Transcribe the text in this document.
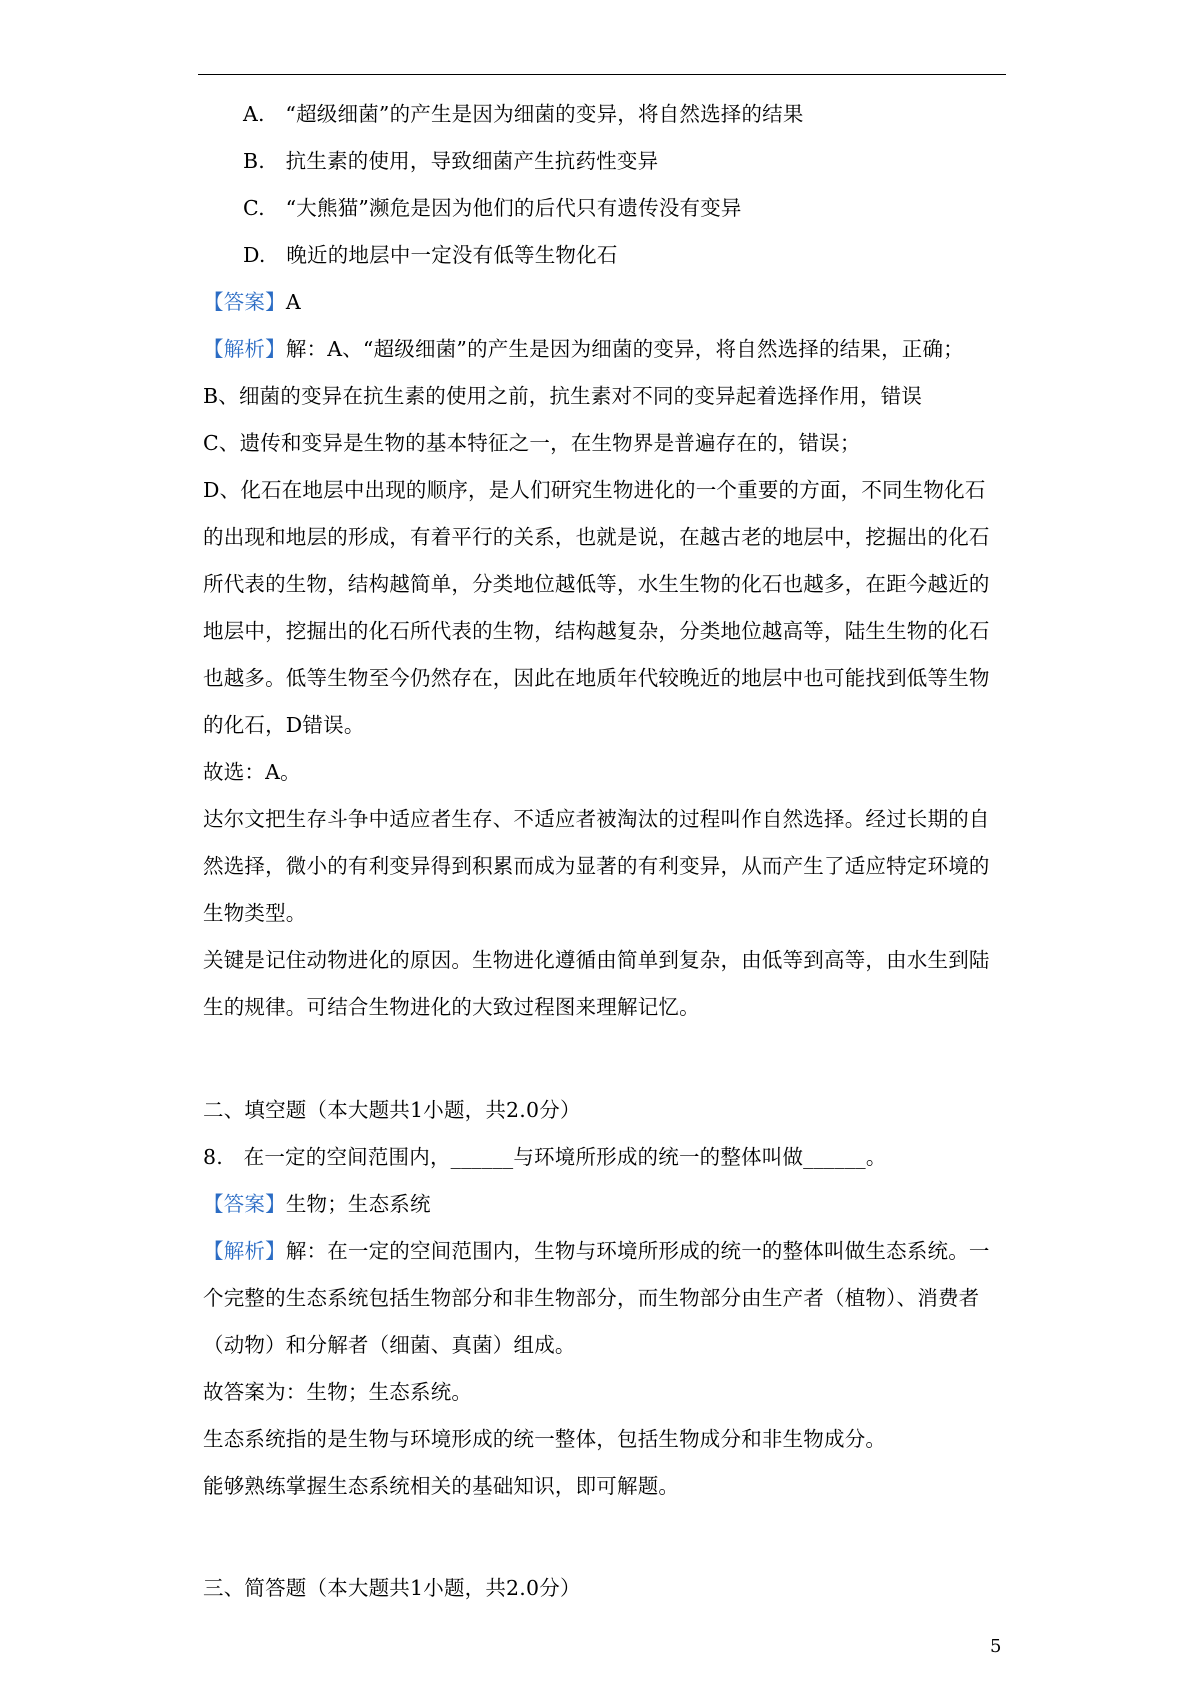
A.　“超级细菌”的产生是因为细菌的变异，将自然选择的结果
B.　抗生素的使用，导致细菌产生抗药性变异
C.　“大熊猫”濒危是因为他们的后代只有遗传没有变异
D.　晚近的地层中一定没有低等生物化石
【答案】A
【解析】解：A、“超级细菌”的产生是因为细菌的变异，将自然选择的结果，正确；
B、细菌的变异在抗生素的使用之前，抗生素对不同的变异起着选择作用，错误
C、遗传和变异是生物的基本特征之一，在生物界是普遍存在的，错误；
D、化石在地层中出现的顺序，是人们研究生物进化的一个重要的方面，不同生物化石
的出现和地层的形成，有着平行的关系，也就是说，在越古老的地层中，挖掘出的化石
所代表的生物，结构越简单，分类地位越低等，水生生物的化石也越多，在距今越近的
地层中，挖掘出的化石所代表的生物，结构越复杂，分类地位越高等，陆生生物的化石
也越多。低等生物至今仍然存在，因此在地质年代较晚近的地层中也可能找到低等生物
的化石，D错误。
故选：A。
达尔文把生存斗争中适应者生存、不适应者被淘汰的过程叫作自然选择。经过长期的自
然选择，微小的有利变异得到积累而成为显著的有利变异，从而产生了适应特定环境的
生物类型。
关键是记住动物进化的原因。生物进化遵循由简单到复杂，由低等到高等，由水生到陆
生的规律。可结合生物进化的大致过程图来理解记忆。
二、填空题（本大题共1小题，共2.0分）
8.　在一定的空间范围内，______与环境所形成的统一的整体叫做______。
【答案】生物；生态系统
【解析】解：在一定的空间范围内，生物与环境所形成的统一的整体叫做生态系统。一
个完整的生态系统包括生物部分和非生物部分，而生物部分由生产者（植物）、消费者
（动物）和分解者（细菌、真菌）组成。
故答案为：生物；生态系统。
生态系统指的是生物与环境形成的统一整体，包括生物成分和非生物成分。
能够熟练掌握生态系统相关的基础知识，即可解题。
三、简答题（本大题共1小题，共2.0分）
5
